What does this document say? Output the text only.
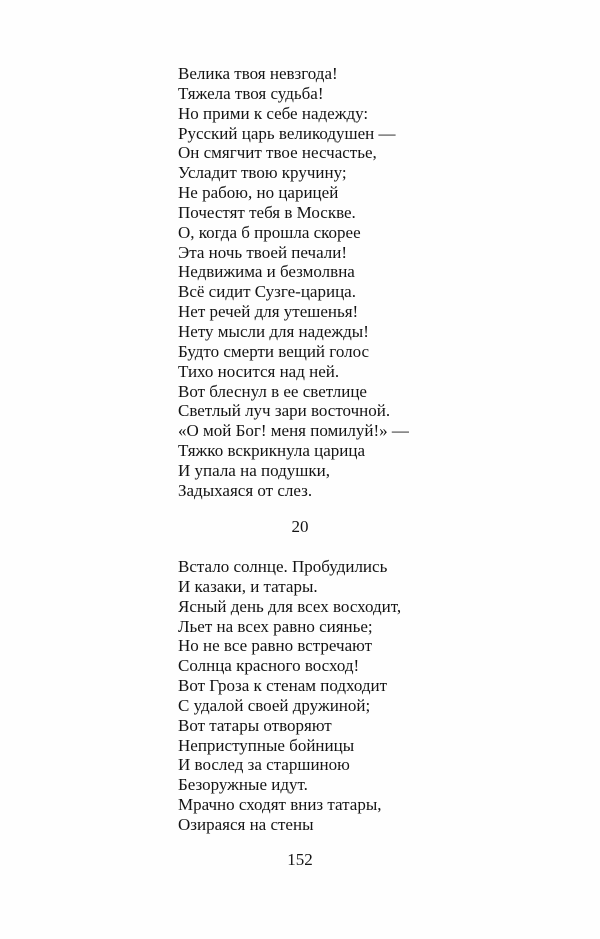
Велика твоя невзгода!
Тяжела твоя судьба!
Но прими к себе надежду:
Русский царь великодушен —
Он смягчит твое несчастье,
Усладит твою кручину;
Не рабою, но царицей
Почестят тебя в Москве.
О, когда б прошла скорее
Эта ночь твоей печали!
Недвижима и безмолвна
Всё сидит Сузге-царица.
Нет речей для утешенья!
Нету мысли для надежды!
Будто смерти вещий голос
Тихо носится над ней.
Вот блеснул в ее светлице
Светлый луч зари восточной.
«О мой Бог! меня помилуй!» —
Тяжко вскрикнула царица
И упала на подушки,
Задыхаяся от слез.
20
Встало солнце. Пробудились
И казаки, и татары.
Ясный день для всех восходит,
Льет на всех равно сиянье;
Но не все равно встречают
Солнца красного восход!
Вот Гроза к стенам подходит
С удалой своей дружиной;
Вот татары отворяют
Неприступные бойницы
И вослед за старшиною
Безоружные идут.
Мрачно сходят вниз татары,
Озираяся на стены
152
